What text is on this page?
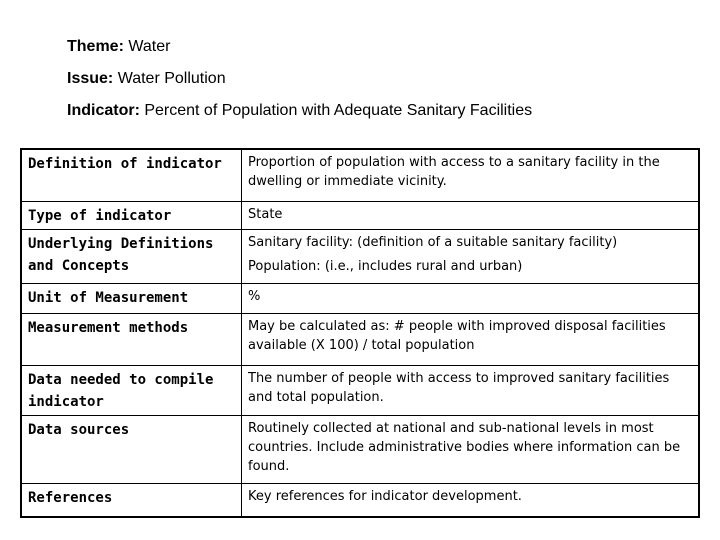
Theme: Water
Issue: Water Pollution
Indicator: Percent of Population with Adequate Sanitary Facilities
Definition of indicator	Proportion of population with access to a sanitary facility in the dwelling or immediate vicinity.
Type of indicator	State
Underlying Definitions and Concepts	Sanitary facility: (definition of a suitable sanitary facility)
Population: (i.e., includes rural and urban)

Unit of Measurement	%
Measurement methods	May be calculated as: # people with improved disposal facilities available (X 100) / total population
Data needed to compile indicator	The number of people with access to improved sanitary facilities and total population.
Data sources	Routinely collected at national and sub-national levels in most countries. Include administrative bodies where information can be found.
References	Key references for indicator development.
